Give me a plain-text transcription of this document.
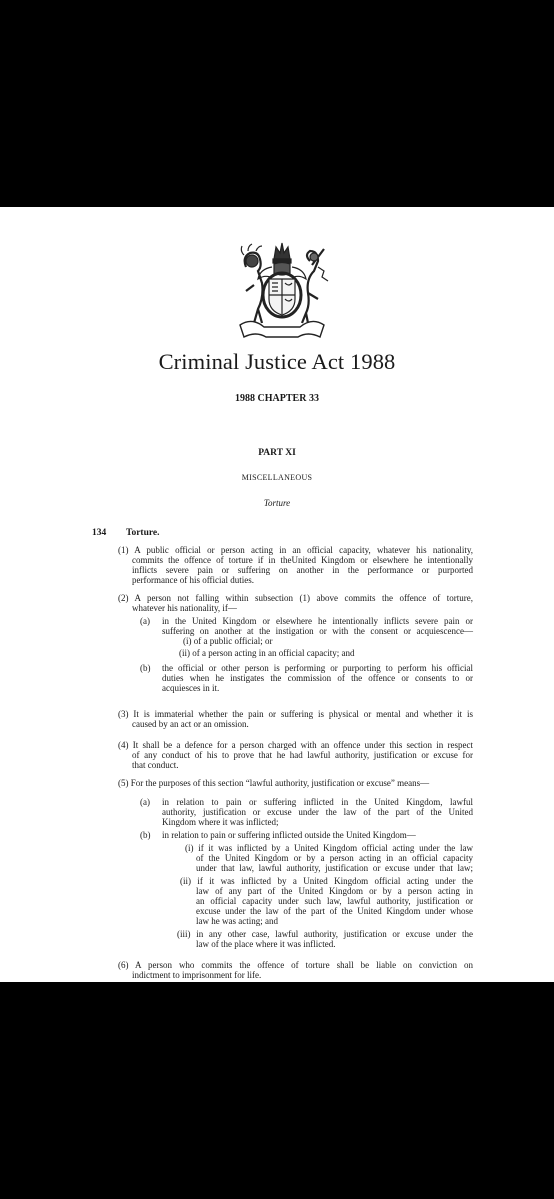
Criminal Justice Act 1988
1988 CHAPTER 33
PART XI
MISCELLANEOUS
Torture
134 Torture.
(1) A public official or person acting in an official capacity, whatever his nationality,
commits the offence of torture if in theUnited Kingdom or elsewhere he intentionally
inflicts severe pain or suffering on another in the performance or purported
performance of his official duties.
(2) A person not falling within subsection (1) above commits the offence of torture,
whatever his nationality, if—
(a) in the United Kingdom or elsewhere he intentionally inflicts severe pain or
suffering on another at the instigation or with the consent or acquiescence—
(i) of a public official; or
(ii) of a person acting in an official capacity; and
(b) the official or other person is performing or purporting to perform his official
duties when he instigates the commission of the offence or consents to or
acquiesces in it.
(3) It is immaterial whether the pain or suffering is physical or mental and whether it is
caused by an act or an omission.
(4) It shall be a defence for a person charged with an offence under this section in respect
of any conduct of his to prove that he had lawful authority, justification or excuse for
that conduct.
(5) For the purposes of this section “lawful authority, justification or excuse” means—
(a) in relation to pain or suffering inflicted in the United Kingdom, lawful
authority, justification or excuse under the law of the part of the United
Kingdom where it was inflicted;
(b) in relation to pain or suffering inflicted outside the United Kingdom—
(i) if it was inflicted by a United Kingdom official acting under the law
of the United Kingdom or by a person acting in an official capacity
under that law, lawful authority, justification or excuse under that law;
(ii) if it was inflicted by a United Kingdom official acting under the
law of any part of the United Kingdom or by a person acting in
an official capacity under such law, lawful authority, justification or
excuse under the law of the part of the United Kingdom under whose
law he was acting; and
(iii) in any other case, lawful authority, justification or excuse under the
law of the place where it was inflicted.
(6) A person who commits the offence of torture shall be liable on conviction on
indictment to imprisonment for life.
